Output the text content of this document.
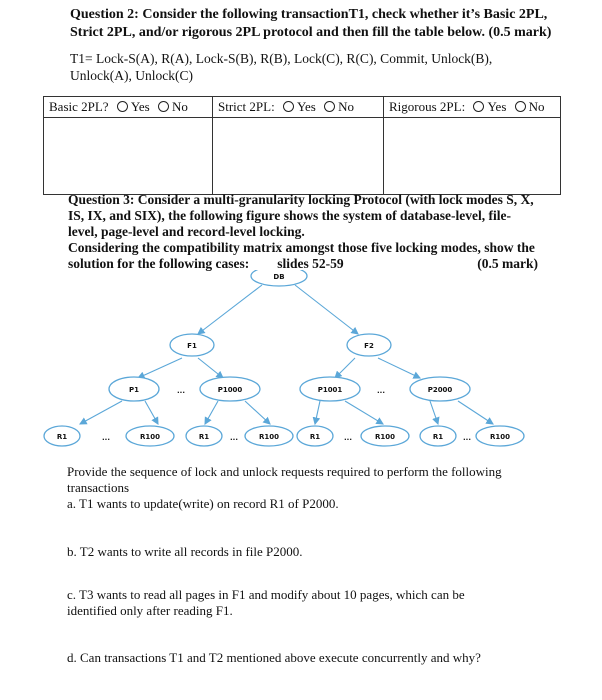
Question 2: Consider the following transactionT1, check whether it’s Basic 2PL, Strict 2PL, and/or rigorous 2PL protocol and then fill the table below. (0.5 mark)
T1= Lock-S(A), R(A), Lock-S(B), R(B), Lock(C), R(C), Commit, Unlock(B), Unlock(A), Unlock(C)
Basic 2PL? Yes No	Strict 2PL: Yes No	Rigorous 2PL: Yes No

Question 3: Consider a multi-granularity locking Protocol (with lock modes S, X, IS, IX, and SIX), the following figure shows the system of database-level, file-level, page-level and record-level locking.
Considering the compatibility matrix amongst those five locking modes, show the solution for the following cases: slides 52-59	(0.5 mark)
DB
F1	F2
P1	P1000	P1001	P2000
R1	R100	R1	R100	R1	R100	R1	R100
...	...
...	...	...	...
Provide the sequence of lock and unlock requests required to perform the following transactions
a. T1 wants to update(write) on record R1 of P2000.
b. T2 wants to write all records in file P2000.
c. T3 wants to read all pages in F1 and modify about 10 pages, which can be identified only after reading F1.
d. Can transactions T1 and T2 mentioned above execute concurrently and why?
